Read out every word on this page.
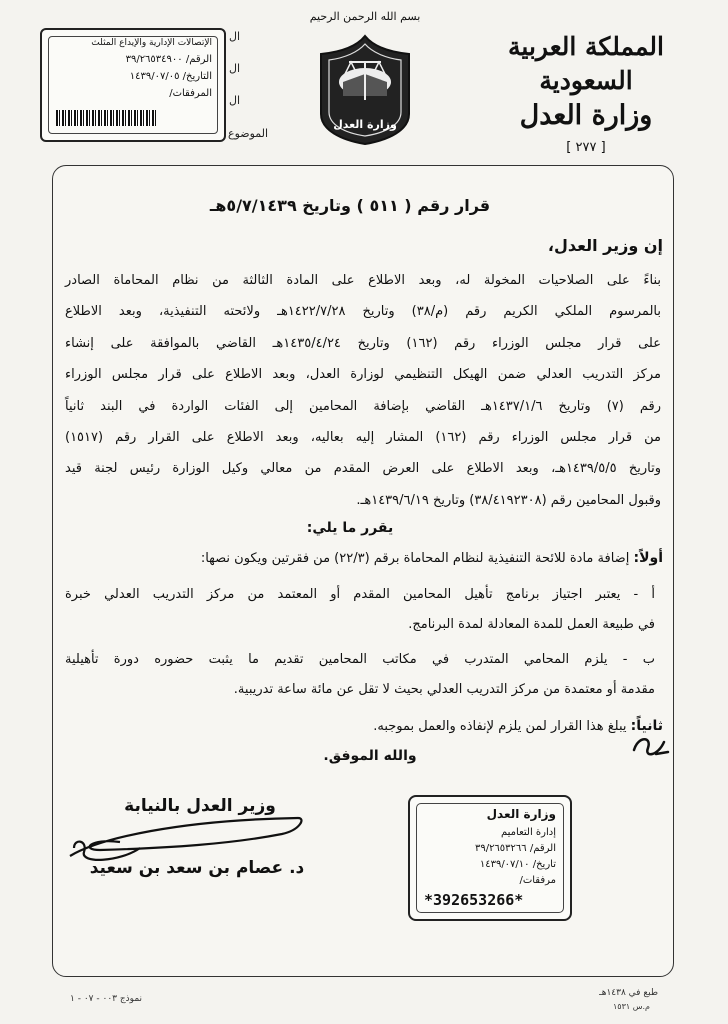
المملكة العربية السعودية
وزارة العدل
[ ٢٧٧ ]
بسم الله الرحمن الرحيم
وزارة العدل
ال
ال
ال
الموضوع
الإتصالات الإدارية والإيداع المثلث
الرقم/ ٣٩/٢٦٥٣٤٩٠٠
التاريخ/ ١٤٣٩/٠٧/٠٥
المرفقات/
قرار رقم ( ٥١١ ) وتاريخ ٥/٧/١٤٣٩هـ
إن وزير العدل،
بناءً على الصلاحيات المخولة له، وبعد الاطلاع على المادة الثالثة من نظام المحاماة الصادر
بالمرسوم الملكي الكريم رقم (م/٣٨) وتاريخ ١٤٢٢/٧/٢٨هـ ولائحته التنفيذية، وبعد الاطلاع
على قرار مجلس الوزراء رقم (١٦٢) وتاريخ ١٤٣٥/٤/٢٤هـ القاضي بالموافقة على إنشاء
مركز التدريب العدلي ضمن الهيكل التنظيمي لوزارة العدل، وبعد الاطلاع على قرار مجلس الوزراء
رقم (٧) وتاريخ ١٤٣٧/١/٦هـ القاضي بإضافة المحامين إلى الفئات الواردة في البند ثانياً
من قرار مجلس الوزراء رقم (١٦٢) المشار إليه بعاليه، وبعد الاطلاع على القرار رقم (١٥١٧)
وتاريخ ١٤٣٩/٥/٥هـ، وبعد الاطلاع على العرض المقدم من معالي وكيل الوزارة رئيس لجنة قيد
وقبول المحامين رقم (٣٨/٤١٩٢٣٠٨) وتاريخ ١٤٣٩/٦/١٩هـ.
يقرر ما يلي:
أولاً: إضافة مادة للائحة التنفيذية لنظام المحاماة برقم (٢٢/٣) من فقرتين ويكون نصها:
أ - يعتبر اجتياز برنامج تأهيل المحامين المقدم أو المعتمد من مركز التدريب العدلي خبرة
في طبيعة العمل للمدة المعادلة لمدة البرنامج.
ب - يلزم المحامي المتدرب في مكاتب المحامين تقديم ما يثبت حضوره دورة تأهيلية
مقدمة أو معتمدة من مركز التدريب العدلي بحيث لا تقل عن مائة ساعة تدريبية.
ثانياً: يبلغ هذا القرار لمن يلزم لإنفاذه والعمل بموجبه.
والله الموفق.
وزير العدل بالنيابة
د. عصام بن سعد بن سعيد
وزارة العدل
إدارة التعاميم
الرقم/ ٣٩/٢٦٥٣٢٦٦
تاريخ/ ١٤٣٩/٠٧/١٠
مرفقات/
*392653266*
نموذج ٠٠٣ - ٠٧ - ١
طبع في ١٤٣٨هـ
م.س ١٥٣١
